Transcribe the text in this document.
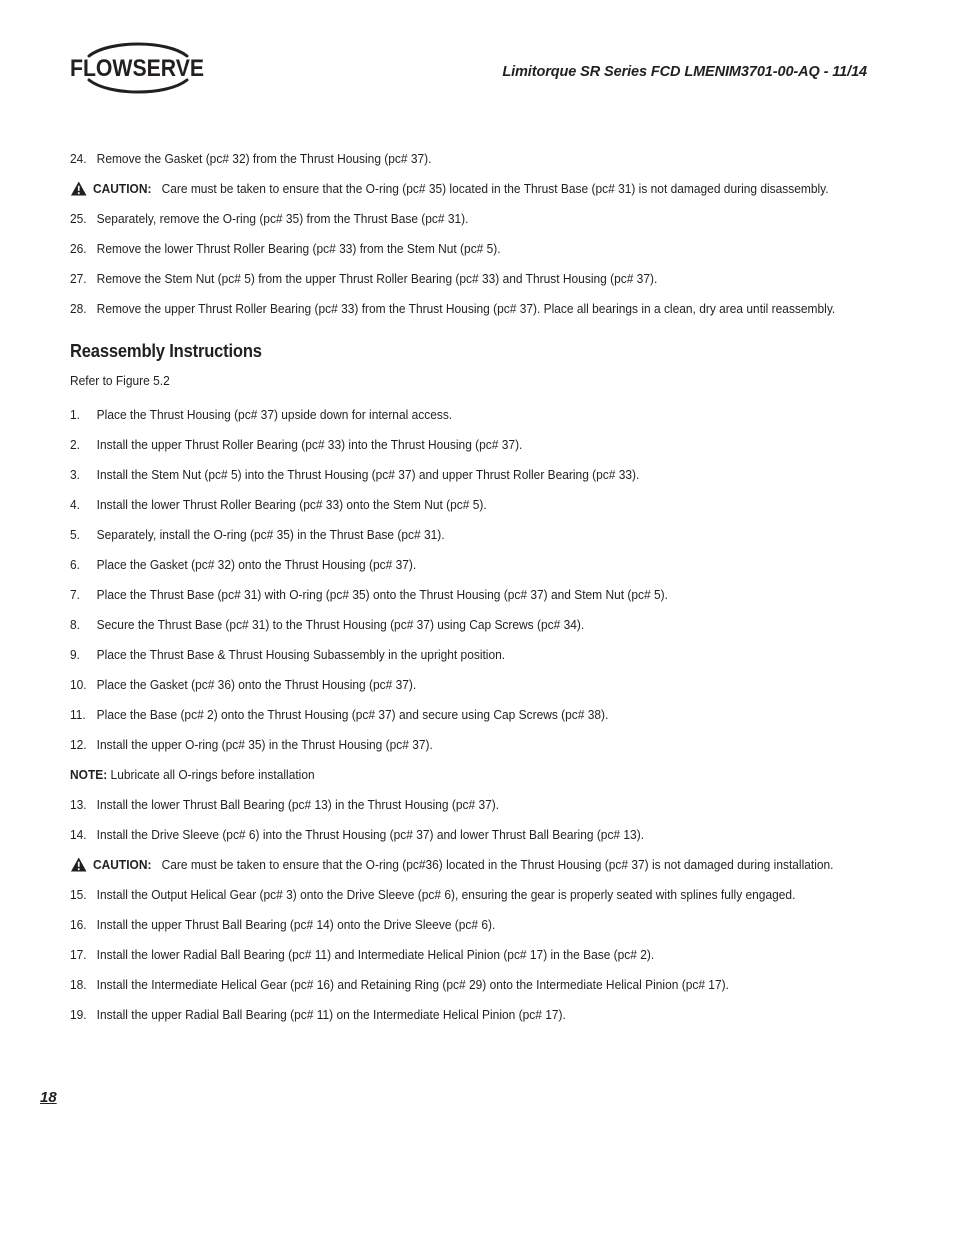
FLOWSERVE	Limitorque SR Series FCD LMENIM3701-00-AQ - 11/14
24. Remove the Gasket (pc# 32) from the Thrust Housing (pc# 37).
CAUTION: Care must be taken to ensure that the O-ring (pc# 35) located in the Thrust Base (pc# 31) is not damaged during disassembly.
25. Separately, remove the O-ring (pc# 35) from the Thrust Base (pc# 31).
26. Remove the lower Thrust Roller Bearing (pc# 33) from the Stem Nut (pc# 5).
27. Remove the Stem Nut (pc# 5) from the upper Thrust Roller Bearing (pc# 33) and Thrust Housing (pc# 37).
28. Remove the upper Thrust Roller Bearing (pc# 33) from the Thrust Housing (pc# 37). Place all bearings in a clean, dry area until reassembly.
Reassembly Instructions
Refer to Figure 5.2
1.	Place the Thrust Housing (pc# 37) upside down for internal access.
2.	Install the upper Thrust Roller Bearing (pc# 33) into the Thrust Housing (pc# 37).
3.	Install the Stem Nut (pc# 5) into the Thrust Housing (pc# 37) and upper Thrust Roller Bearing (pc# 33).
4.	Install the lower Thrust Roller Bearing (pc# 33) onto the Stem Nut (pc# 5).
5.	Separately, install the O-ring (pc# 35) in the Thrust Base (pc# 31).
6.	Place the Gasket (pc# 32) onto the Thrust Housing (pc# 37).
7.	Place the Thrust Base (pc# 31) with O-ring (pc# 35) onto the Thrust Housing (pc# 37) and Stem Nut (pc# 5).
8.	Secure the Thrust Base (pc# 31) to the Thrust Housing (pc# 37) using Cap Screws (pc# 34).
9.	Place the Thrust Base & Thrust Housing Subassembly in the upright position.
10. Place the Gasket (pc# 36) onto the Thrust Housing (pc# 37).
11. Place the Base (pc# 2) onto the Thrust Housing (pc# 37) and secure using Cap Screws (pc# 38).
12. Install the upper O-ring (pc# 35) in the Thrust Housing (pc# 37).
NOTE: Lubricate all O-rings before installation
13. Install the lower Thrust Ball Bearing (pc# 13) in the Thrust Housing (pc# 37).
14. Install the Drive Sleeve (pc# 6) into the Thrust Housing (pc# 37) and lower Thrust Ball Bearing (pc# 13).
CAUTION: Care must be taken to ensure that the O-ring (pc#36) located in the Thrust Housing (pc# 37) is not damaged during installation.
15. Install the Output Helical Gear (pc# 3) onto the Drive Sleeve (pc# 6), ensuring the gear is properly seated with splines fully engaged.
16. Install the upper Thrust Ball Bearing (pc# 14) onto the Drive Sleeve (pc# 6).
17. Install the lower Radial Ball Bearing (pc# 11) and Intermediate Helical Pinion (pc# 17) in the Base (pc# 2).
18. Install the Intermediate Helical Gear (pc# 16) and Retaining Ring (pc# 29) onto the Intermediate Helical Pinion (pc# 17).
19. Install the upper Radial Ball Bearing (pc# 11) on the Intermediate Helical Pinion (pc# 17).
18
